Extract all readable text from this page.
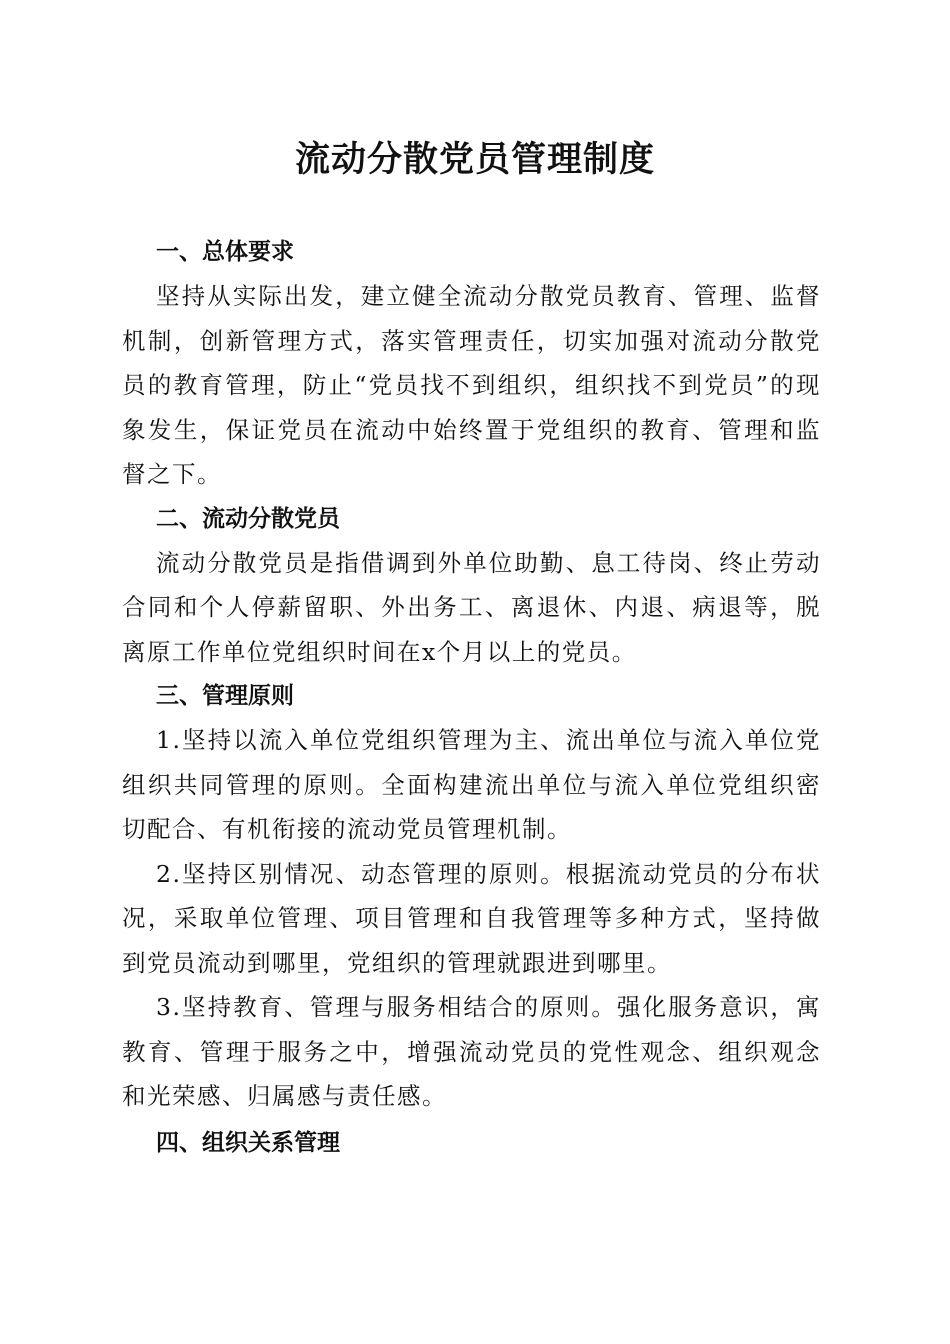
流动分散党员管理制度

一、总体要求

坚持从实际出发，建立健全流动分散党员教育、管理、监督机制，创新管理方式，落实管理责任，切实加强对流动分散党员的教育管理，防止“党员找不到组织，组织找不到党员”的现象发生，保证党员在流动中始终置于党组织的教育、管理和监督之下。

二、流动分散党员

流动分散党员是指借调到外单位助勤、息工待岗、终止劳动合同和个人停薪留职、外出务工、离退休、内退、病退等，脱离原工作单位党组织时间在x个月以上的党员。

三、管理原则

1.坚持以流入单位党组织管理为主、流出单位与流入单位党组织共同管理的原则。全面构建流出单位与流入单位党组织密切配合、有机衔接的流动党员管理机制。

2.坚持区别情况、动态管理的原则。根据流动党员的分布状况，采取单位管理、项目管理和自我管理等多种方式，坚持做到党员流动到哪里，党组织的管理就跟进到哪里。

3.坚持教育、管理与服务相结合的原则。强化服务意识，寓教育、管理于服务之中，增强流动党员的党性观念、组织观念和光荣感、归属感与责任感。

四、组织关系管理
